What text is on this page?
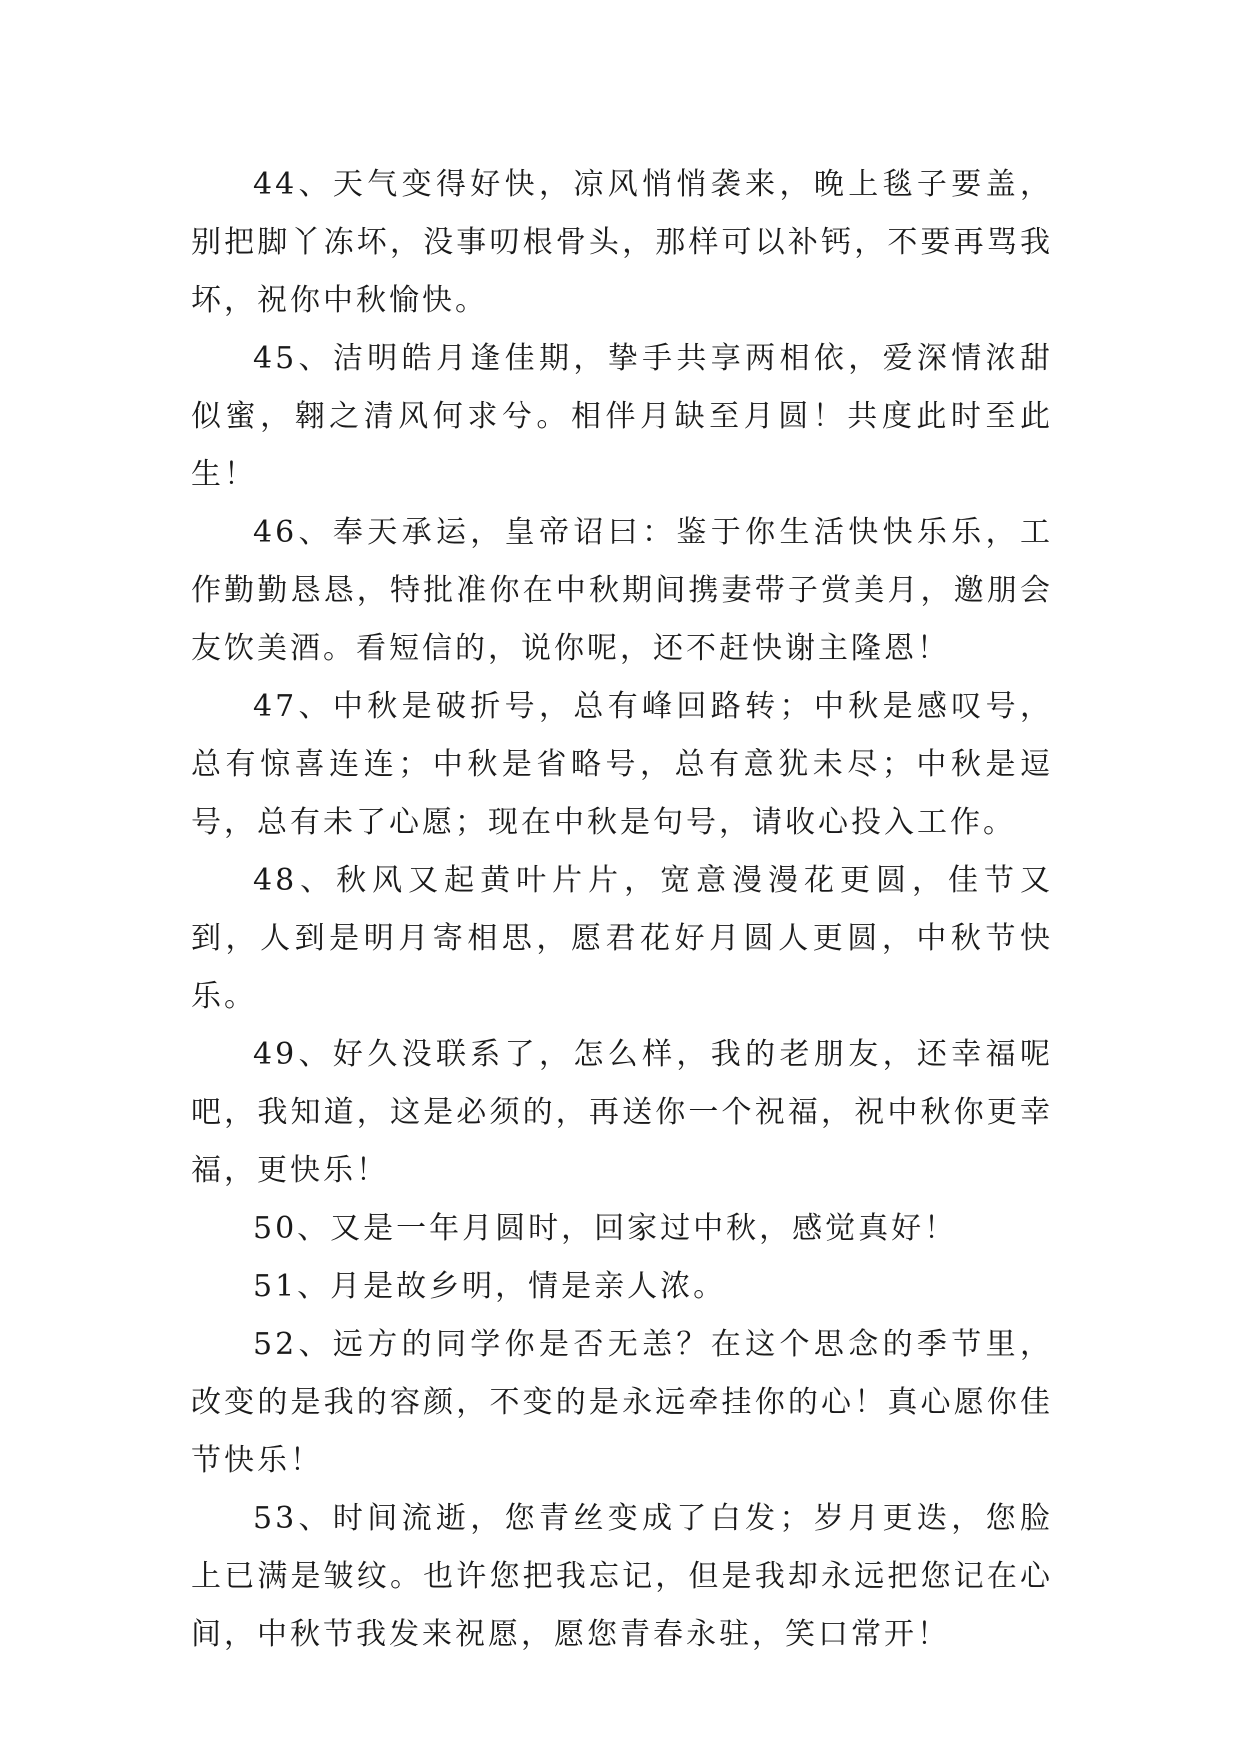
44、天气变得好快，凉风悄悄袭来，晚上毯子要盖，别把脚丫冻坏，没事叨根骨头，那样可以补钙，不要再骂我坏，祝你中秋愉快。

45、洁明皓月逢佳期，挚手共享两相依，爱深情浓甜似蜜，翱之清风何求兮。相伴月缺至月圆！共度此时至此生！

46、奉天承运，皇帝诏曰：鉴于你生活快快乐乐，工作勤勤恳恳，特批准你在中秋期间携妻带子赏美月，邀朋会友饮美酒。看短信的，说你呢，还不赶快谢主隆恩！

47、中秋是破折号，总有峰回路转；中秋是感叹号，总有惊喜连连；中秋是省略号，总有意犹未尽；中秋是逗号，总有未了心愿；现在中秋是句号，请收心投入工作。

48、秋风又起黄叶片片，宽意漫漫花更圆，佳节又到，人到是明月寄相思，愿君花好月圆人更圆，中秋节快乐。

49、好久没联系了，怎么样，我的老朋友，还幸福呢吧，我知道，这是必须的，再送你一个祝福，祝中秋你更幸福，更快乐！

50、又是一年月圆时，回家过中秋，感觉真好！

51、月是故乡明，情是亲人浓。

52、远方的同学你是否无恙？在这个思念的季节里，改变的是我的容颜，不变的是永远牵挂你的心！真心愿你佳节快乐！

53、时间流逝，您青丝变成了白发；岁月更迭，您脸上已满是皱纹。也许您把我忘记，但是我却永远把您记在心间，中秋节我发来祝愿，愿您青春永驻，笑口常开！
